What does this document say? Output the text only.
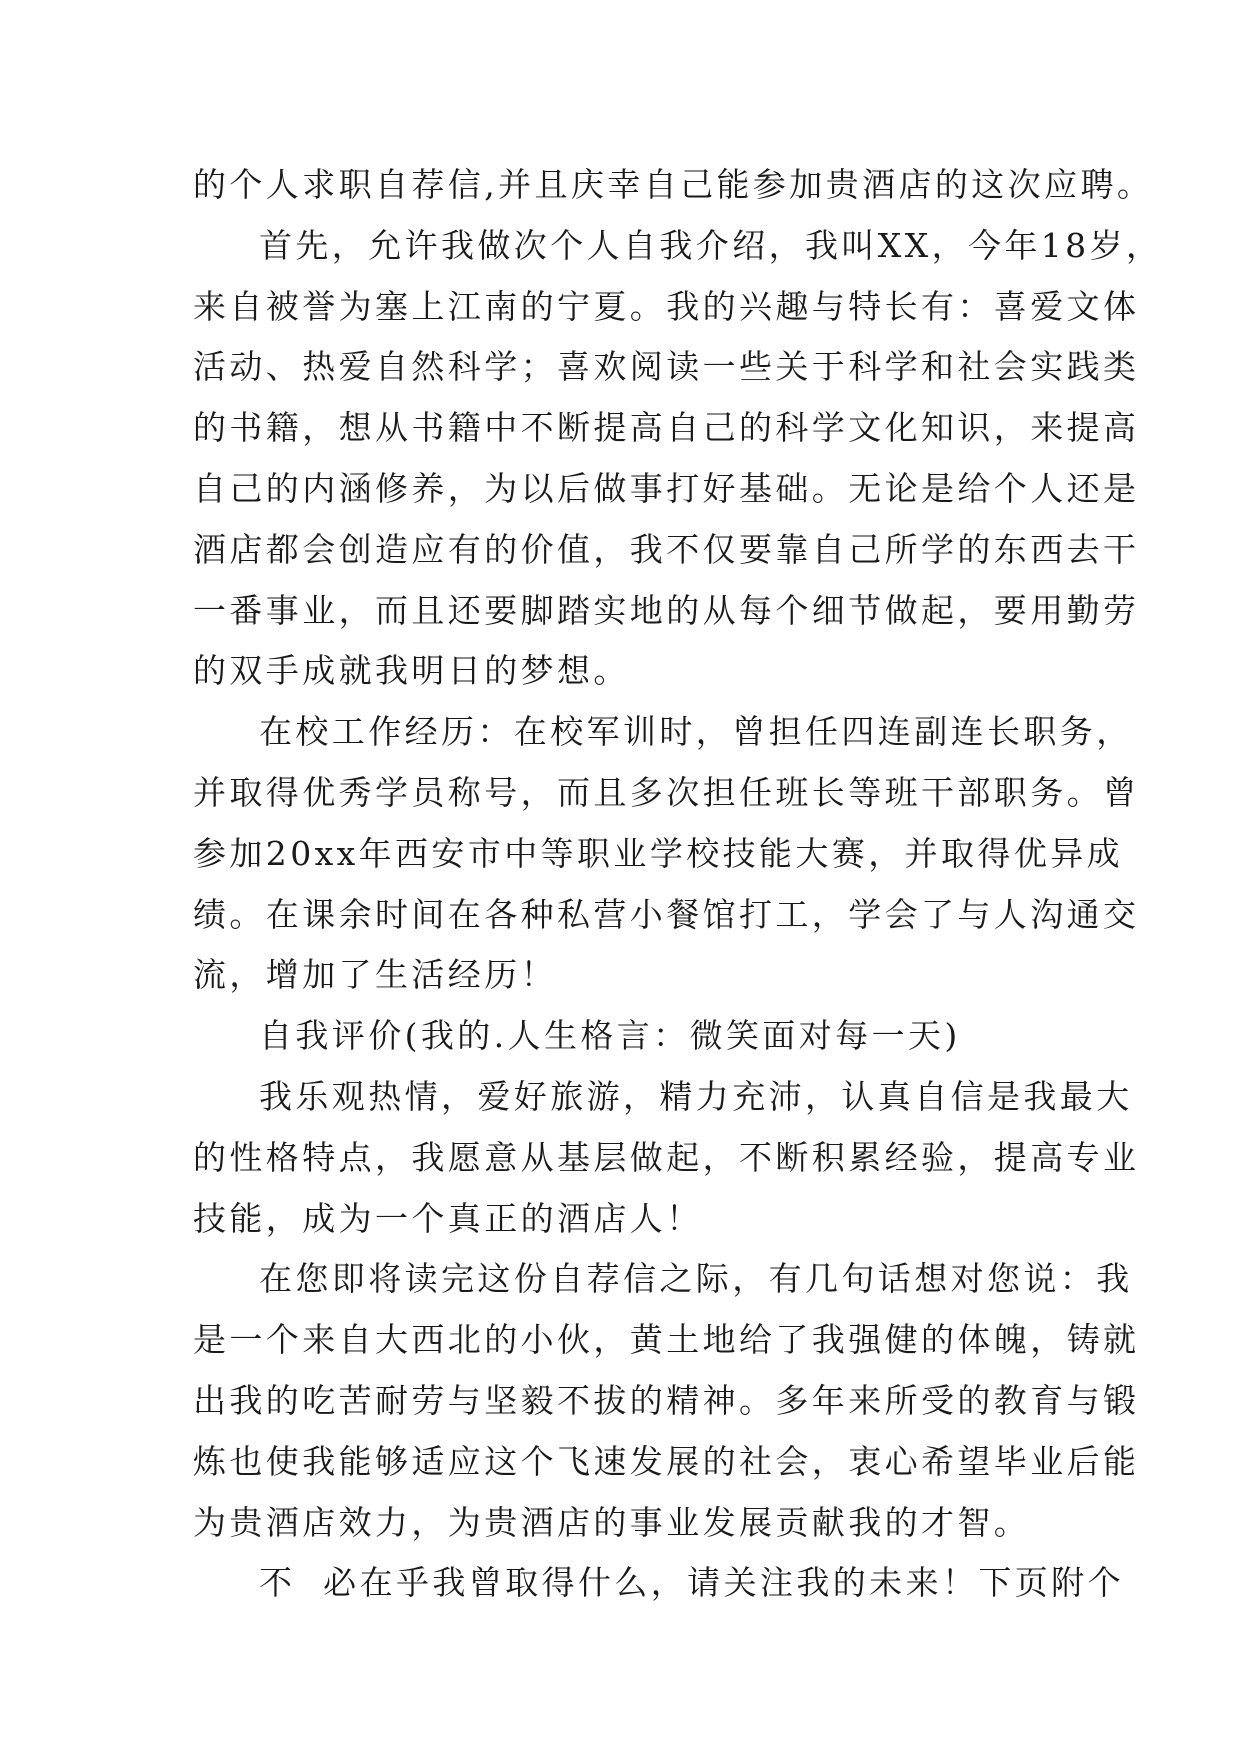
的个人求职自荐信,并且庆幸自己能参加贵酒店的这次应聘。
首先，允许我做次个人自我介绍，我叫XX，今年18岁，
来自被誉为塞上江南的宁夏。我的兴趣与特长有：喜爱文体
活动、热爱自然科学；喜欢阅读一些关于科学和社会实践类
的书籍，想从书籍中不断提高自己的科学文化知识，来提高
自己的内涵修养，为以后做事打好基础。无论是给个人还是
酒店都会创造应有的价值，我不仅要靠自己所学的东西去干
一番事业，而且还要脚踏实地的从每个细节做起，要用勤劳
的双手成就我明日的梦想。
在校工作经历：在校军训时，曾担任四连副连长职务，
并取得优秀学员称号，而且多次担任班长等班干部职务。曾
参加20xx年西安市中等职业学校技能大赛，并取得优异成
绩。在课余时间在各种私营小餐馆打工，学会了与人沟通交
流，增加了生活经历！
自我评价(我的.人生格言：微笑面对每一天)
我乐观热情，爱好旅游，精力充沛，认真自信是我最大
的性格特点，我愿意从基层做起，不断积累经验，提高专业
技能，成为一个真正的酒店人！
在您即将读完这份自荐信之际，有几句话想对您说：我
是一个来自大西北的小伙，黄土地给了我强健的体魄，铸就
出我的吃苦耐劳与坚毅不拔的精神。多年来所受的教育与锻
炼也使我能够适应这个飞速发展的社会，衷心希望毕业后能
为贵酒店效力，为贵酒店的事业发展贡献我的才智。
不  必在乎我曾取得什么，请关注我的未来！下页附个
